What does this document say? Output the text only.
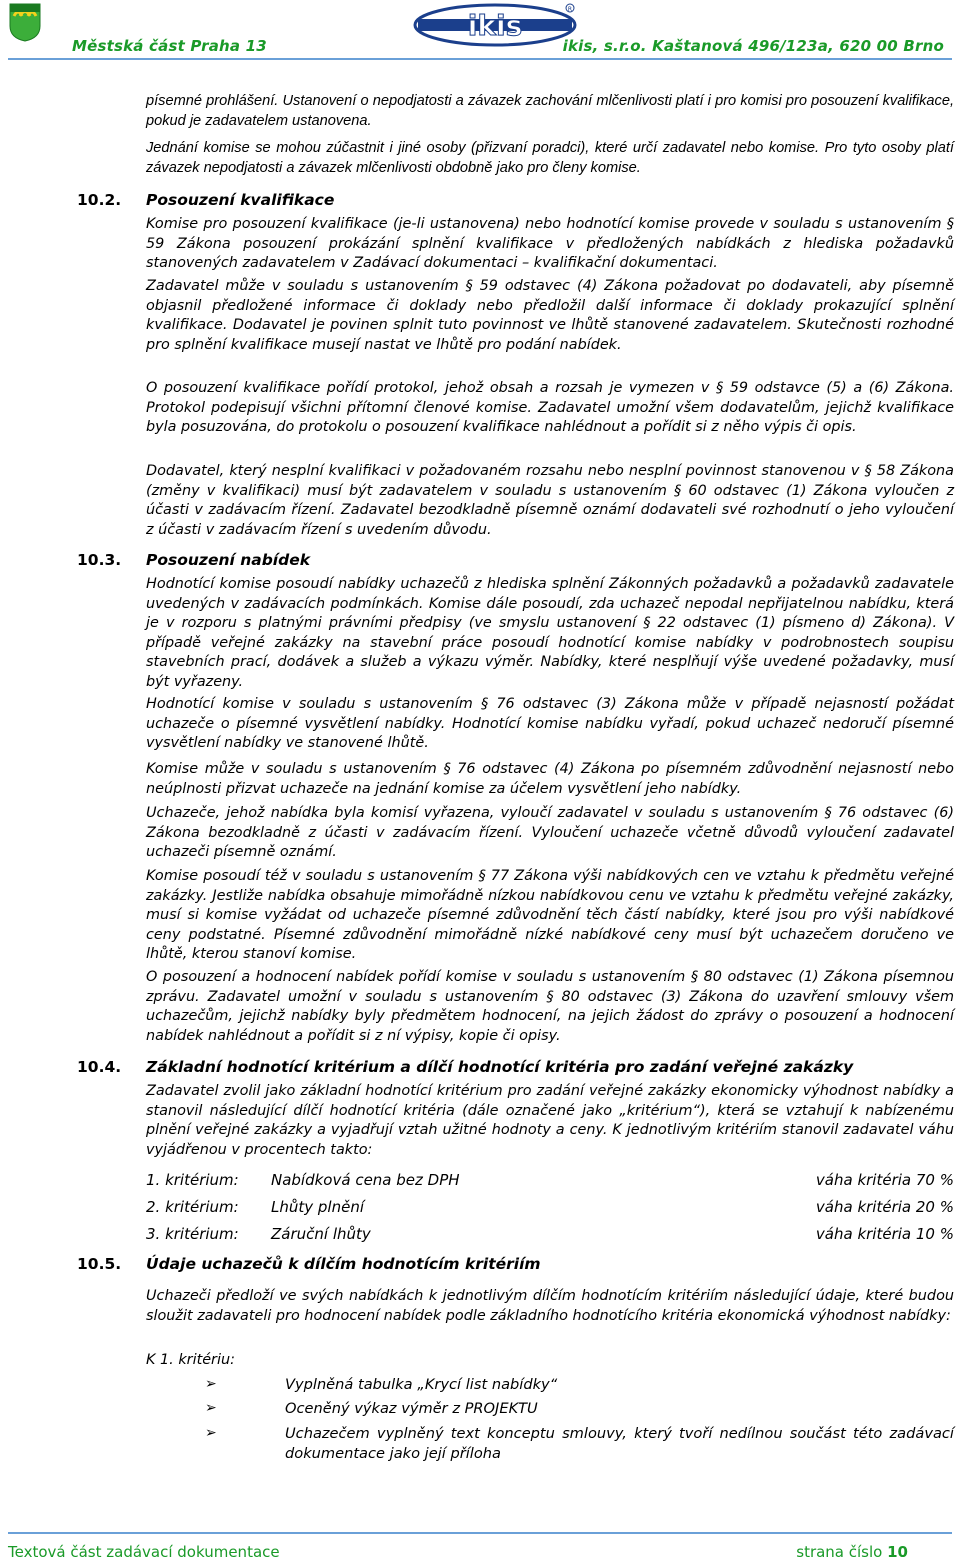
ikis	R
Městská část Praha 13	ikis, s.r.o. Kaštanová 496/123a, 620 00 Brno
písemné prohlášení. Ustanovení o nepodjatosti a závazek zachování mlčenlivosti platí i pro komisi pro posouzení kvalifikace, pokud je zadavatelem ustanovena.
Jednání komise se mohou zúčastnit i jiné osoby (přizvaní poradci), které určí zadavatel nebo komise. Pro tyto osoby platí závazek nepodjatosti a závazek mlčenlivosti obdobně jako pro členy komise.
10.2. Posouzení kvalifikace
Komise pro posouzení kvalifikace (je-li ustanovena) nebo hodnotící komise provede v souladu s ustanovením § 59 Zákona posouzení prokázání splnění kvalifikace v předložených nabídkách z hlediska požadavků stanovených zadavatelem v Zadávací dokumentaci – kvalifikační dokumentaci.
Zadavatel může v souladu s ustanovením § 59 odstavec (4) Zákona požadovat po dodavateli, aby písemně objasnil předložené informace či doklady nebo předložil další informace či doklady prokazující splnění kvalifikace. Dodavatel je povinen splnit tuto povinnost ve lhůtě stanovené zadavatelem. Skutečnosti rozhodné pro splnění kvalifikace musejí nastat ve lhůtě pro podání nabídek.
O posouzení kvalifikace pořídí protokol, jehož obsah a rozsah je vymezen v § 59 odstavce (5) a (6) Zákona. Protokol podepisují všichni přítomní členové komise. Zadavatel umožní všem dodavatelům, jejichž kvalifikace byla posuzována, do protokolu o posouzení kvalifikace nahlédnout a pořídit si z něho výpis či opis.
Dodavatel, který nesplní kvalifikaci v požadovaném rozsahu nebo nesplní povinnost stanovenou v § 58 Zákona (změny v kvalifikaci) musí být zadavatelem v souladu s ustanovením § 60 odstavec (1) Zákona vyloučen z účasti v zadávacím řízení. Zadavatel bezodkladně písemně oznámí dodavateli své rozhodnutí o jeho vyloučení z účasti v zadávacím řízení s uvedením důvodu.
10.3. Posouzení nabídek
Hodnotící komise posoudí nabídky uchazečů z hlediska splnění Zákonných požadavků a požadavků zadavatele uvedených v zadávacích podmínkách. Komise dále posoudí, zda uchazeč nepodal nepřijatelnou nabídku, která je v rozporu s platnými právními předpisy (ve smyslu ustanovení § 22 odstavec (1) písmeno d) Zákona). V případě veřejné zakázky na stavební práce posoudí hodnotící komise nabídky v podrobnostech soupisu stavebních prací, dodávek a služeb a výkazu výměr. Nabídky, které nesplňují výše uvedené požadavky, musí být vyřazeny.
Hodnotící komise v souladu s ustanovením § 76 odstavec (3) Zákona může v případě nejasností požádat uchazeče o písemné vysvětlení nabídky. Hodnotící komise nabídku vyřadí, pokud uchazeč nedoručí písemné vysvětlení nabídky ve stanovené lhůtě.
Komise může v souladu s ustanovením § 76 odstavec (4) Zákona po písemném zdůvodnění nejasností nebo neúplnosti přizvat uchazeče na jednání komise za účelem vysvětlení jeho nabídky.
Uchazeče, jehož nabídka byla komisí vyřazena, vyloučí zadavatel v souladu s ustanovením § 76 odstavec (6) Zákona bezodkladně z účasti v zadávacím řízení. Vyloučení uchazeče včetně důvodů vyloučení zadavatel uchazeči písemně oznámí.
Komise posoudí též v souladu s ustanovením § 77 Zákona výši nabídkových cen ve vztahu k předmětu veřejné zakázky. Jestliže nabídka obsahuje mimořádně nízkou nabídkovou cenu ve vztahu k předmětu veřejné zakázky, musí si komise vyžádat od uchazeče písemné zdůvodnění těch částí nabídky, které jsou pro výši nabídkové ceny podstatné. Písemné zdůvodnění mimořádně nízké nabídkové ceny musí být uchazečem doručeno ve lhůtě, kterou stanoví komise.
O posouzení a hodnocení nabídek pořídí komise v souladu s ustanovením § 80 odstavec (1) Zákona písemnou zprávu. Zadavatel umožní v souladu s ustanovením § 80 odstavec (3) Zákona do uzavření smlouvy všem uchazečům, jejichž nabídky byly předmětem hodnocení, na jejich žádost do zprávy o posouzení a hodnocení nabídek nahlédnout a pořídit si z ní výpisy, kopie či opisy.
10.4. Základní hodnotící kritérium a dílčí hodnotící kritéria pro zadání veřejné zakázky
Zadavatel zvolil jako základní hodnotící kritérium pro zadání veřejné zakázky ekonomicky výhodnost nabídky a stanovil následující dílčí hodnotící kritéria (dále označené jako „kritérium“), která se vztahují k nabízenému plnění veřejné zakázky a vyjadřují vztah užitné hodnoty a ceny. K jednotlivým kritériím stanovil zadavatel váhu vyjádřenou v procentech takto:
1. kritérium: Nabídková cena bez DPH	váha kritéria 70 %
2. kritérium: Lhůty plnění	váha kritéria 20 %
3. kritérium: Záruční lhůty	váha kritéria 10 %
10.5. Údaje uchazečů k dílčím hodnotícím kritériím
Uchazeči předloží ve svých nabídkách k jednotlivým dílčím hodnotícím kritériím následující údaje, které budou sloužit zadavateli pro hodnocení nabídek podle základního hodnotícího kritéria ekonomická výhodnost nabídky:
K 1. kritériu:
➢	Vyplněná tabulka „Krycí list nabídky“
➢	Oceněný výkaz výměr z PROJEKTU
➢	Uchazečem vyplněný text konceptu smlouvy, který tvoří nedílnou součást této zadávací dokumentace jako její příloha
Textová část zadávací dokumentace	strana číslo 10
